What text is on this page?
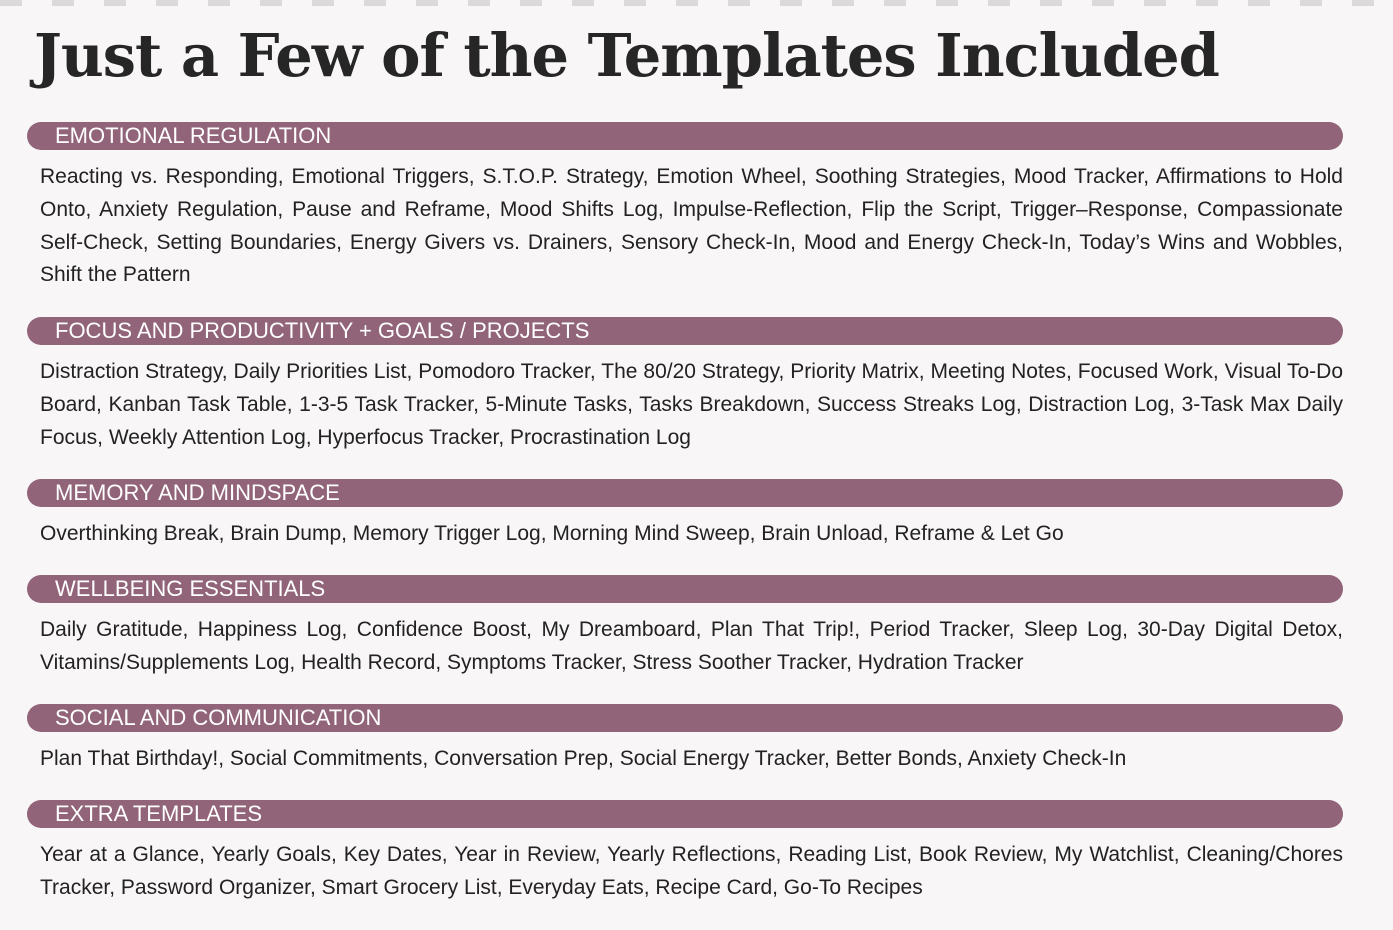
Just a Few of the Templates Included
EMOTIONAL REGULATION
Reacting vs. Responding, Emotional Triggers, S.T.O.P. Strategy, Emotion Wheel, Soothing Strategies, Mood Tracker, Affirmations to Hold Onto, Anxiety Regulation, Pause and Reframe, Mood Shifts Log, Impulse-Reflection, Flip the Script, Trigger–Response, Compassionate Self-Check, Setting Boundaries, Energy Givers vs. Drainers, Sensory Check-In, Mood and Energy Check-In, Today’s Wins and Wobbles, Shift the Pattern
FOCUS AND PRODUCTIVITY + GOALS / PROJECTS
Distraction Strategy, Daily Priorities List, Pomodoro Tracker, The 80/20 Strategy, Priority Matrix, Meeting Notes, Focused Work, Visual To-Do Board, Kanban Task Table, 1-3-5 Task Tracker, 5-Minute Tasks, Tasks Breakdown, Success Streaks Log, Distraction Log, 3-Task Max Daily Focus, Weekly Attention Log, Hyperfocus Tracker, Procrastination Log
MEMORY AND MINDSPACE
Overthinking Break, Brain Dump, Memory Trigger Log, Morning Mind Sweep, Brain Unload, Reframe & Let Go
WELLBEING ESSENTIALS
Daily Gratitude, Happiness Log, Confidence Boost, My Dreamboard, Plan That Trip!, Period Tracker, Sleep Log, 30-Day Digital Detox, Vitamins/Supplements Log, Health Record, Symptoms Tracker, Stress Soother Tracker, Hydration Tracker
SOCIAL AND COMMUNICATION
Plan That Birthday!, Social Commitments, Conversation Prep, Social Energy Tracker, Better Bonds, Anxiety Check-In
EXTRA TEMPLATES
Year at a Glance, Yearly Goals, Key Dates, Year in Review, Yearly Reflections, Reading List, Book Review, My Watchlist, Cleaning/Chores Tracker, Password Organizer, Smart Grocery List, Everyday Eats, Recipe Card, Go-To Recipes
